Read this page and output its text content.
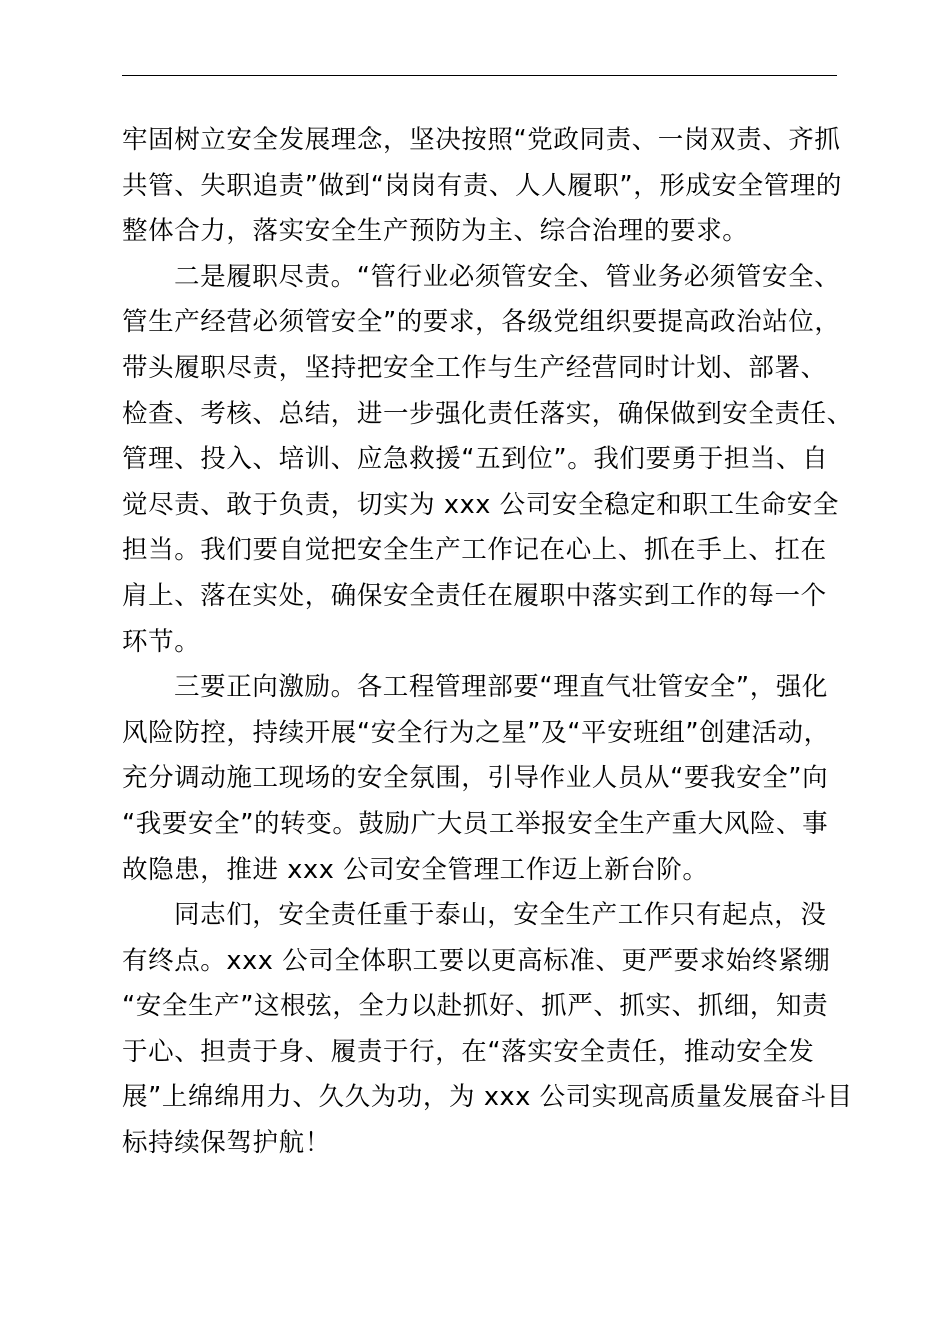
牢固树立安全发展理念，坚决按照“党政同责、一岗双责、齐抓
共管、失职追责”做到“岗岗有责、人人履职”，形成安全管理的
整体合力，落实安全生产预防为主、综合治理的要求。
二是履职尽责。“管行业必须管安全、管业务必须管安全、
管生产经营必须管安全”的要求，各级党组织要提高政治站位，
带头履职尽责，坚持把安全工作与生产经营同时计划、部署、
检查、考核、总结，进一步强化责任落实，确保做到安全责任、
管理、投入、培训、应急救援“五到位”。我们要勇于担当、自
觉尽责、敢于负责，切实为 xxx 公司安全稳定和职工生命安全
担当。我们要自觉把安全生产工作记在心上、抓在手上、扛在
肩上、落在实处，确保安全责任在履职中落实到工作的每一个
环节。
三要正向激励。各工程管理部要“理直气壮管安全”，强化
风险防控，持续开展“安全行为之星”及“平安班组”创建活动，
充分调动施工现场的安全氛围，引导作业人员从“要我安全”向
“我要安全”的转变。鼓励广大员工举报安全生产重大风险、事
故隐患，推进 xxx 公司安全管理工作迈上新台阶。
同志们，安全责任重于泰山，安全生产工作只有起点，没
有终点。xxx 公司全体职工要以更高标准、更严要求始终紧绷
“安全生产”这根弦，全力以赴抓好、抓严、抓实、抓细，知责
于心、担责于身、履责于行，在“落实安全责任，推动安全发
展”上绵绵用力、久久为功，为 xxx 公司实现高质量发展奋斗目
标持续保驾护航！
